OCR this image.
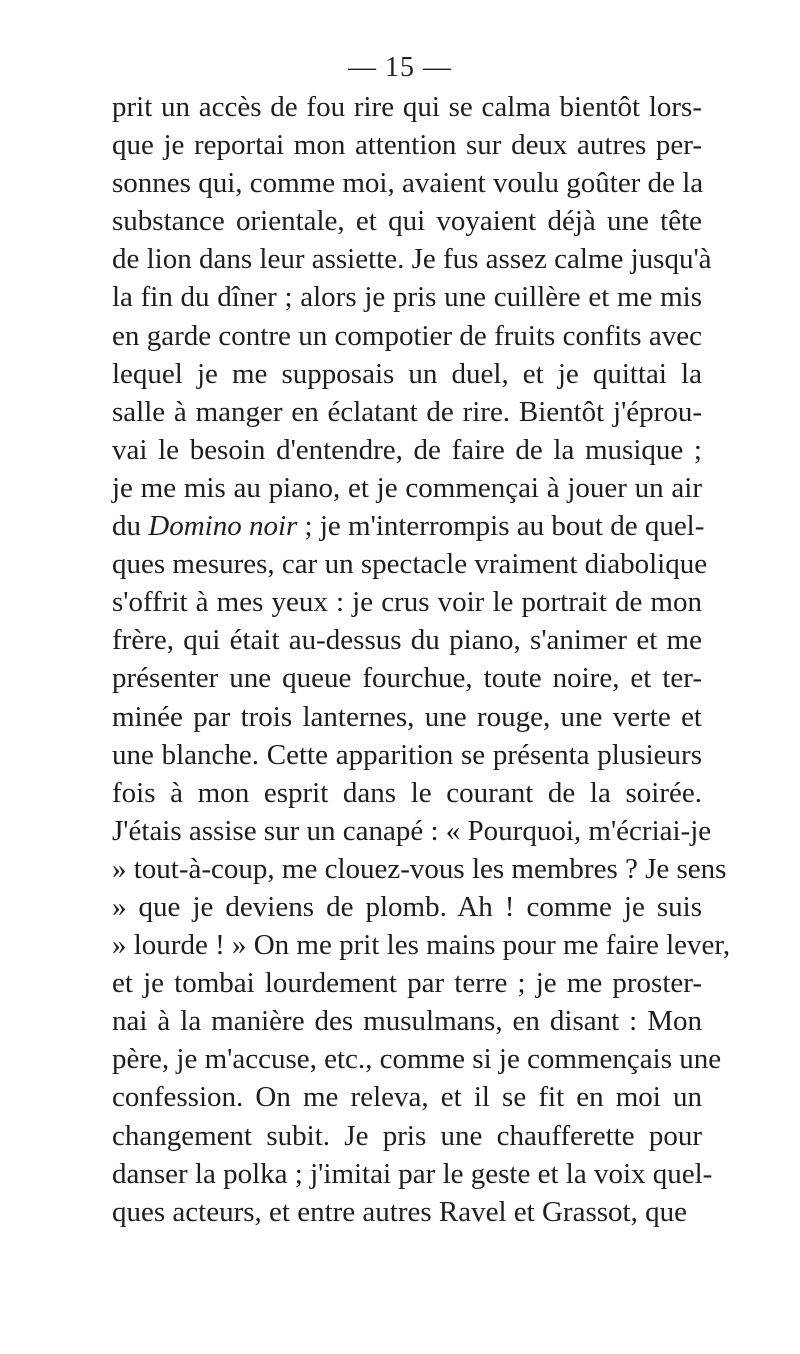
— 15 —
prit un accès de fou rire qui se calma bientôt lors-
que je reportai mon attention sur deux autres per-
sonnes qui, comme moi, avaient voulu goûter de la
substance orientale, et qui voyaient déjà une tête
de lion dans leur assiette. Je fus assez calme jusqu'à
la fin du dîner ; alors je pris une cuillère et me mis
en garde contre un compotier de fruits confits avec
lequel je me supposais un duel, et je quittai la
salle à manger en éclatant de rire. Bientôt j'éprou-
vai le besoin d'entendre, de faire de la musique ;
je me mis au piano, et je commençai à jouer un air
du Domino noir ; je m'interrompis au bout de quel-
ques mesures, car un spectacle vraiment diabolique
s'offrit à mes yeux : je crus voir le portrait de mon
frère, qui était au-dessus du piano, s'animer et me
présenter une queue fourchue, toute noire, et ter-
minée par trois lanternes, une rouge, une verte et
une blanche. Cette apparition se présenta plusieurs
fois à mon esprit dans le courant de la soirée.
J'étais assise sur un canapé : « Pourquoi, m'écriai-je
» tout-à-coup, me clouez-vous les membres ? Je sens
» que je deviens de plomb. Ah ! comme je suis
» lourde ! » On me prit les mains pour me faire lever,
et je tombai lourdement par terre ; je me proster-
nai à la manière des musulmans, en disant : Mon
père, je m'accuse, etc., comme si je commençais une
confession. On me releva, et il se fit en moi un
changement subit. Je pris une chaufferette pour
danser la polka ; j'imitai par le geste et la voix quel-
ques acteurs, et entre autres Ravel et Grassot, que
